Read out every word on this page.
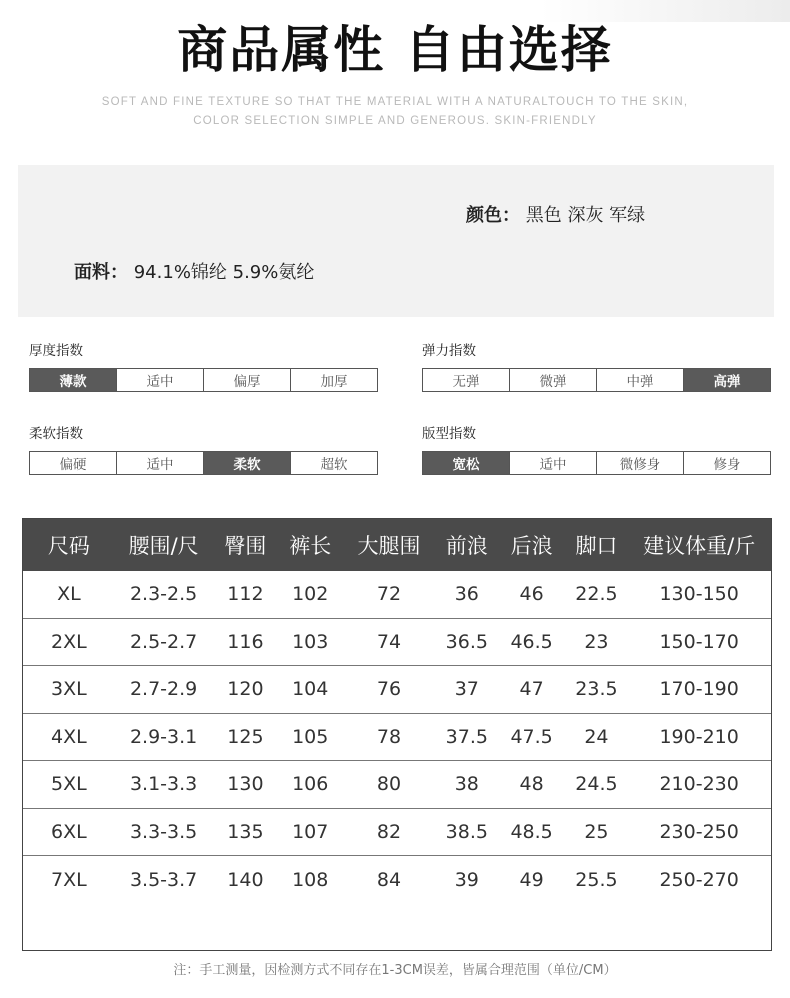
商品属性 自由选择
SOFT AND FINE TEXTURE SO THAT THE MATERIAL WITH A NATURALTOUCH TO THE SKIN,
COLOR SELECTION SIMPLE AND GENEROUS. SKIN-FRIENDLY
颜色： 黑色 深灰 军绿
面料： 94.1%锦纶 5.9%氨纶
厚度指数
薄款	适中	偏厚	加厚
弹力指数
无弹	微弹	中弹	高弹
柔软指数
偏硬	适中	柔软	超软
版型指数
宽松	适中	微修身	修身
尺码	腰围/尺	臀围	裤长	大腿围	前浪	后浪	脚口	建议体重/斤
XL	2.3-2.5	112	102	72	36	46	22.5	130-150
2XL	2.5-2.7	116	103	74	36.5	46.5	23	150-170
3XL	2.7-2.9	120	104	76	37	47	23.5	170-190
4XL	2.9-3.1	125	105	78	37.5	47.5	24	190-210
5XL	3.1-3.3	130	106	80	38	48	24.5	210-230
6XL	3.3-3.5	135	107	82	38.5	48.5	25	230-250
7XL	3.5-3.7	140	108	84	39	49	25.5	250-270
注：手工测量，因检测方式不同存在1-3CM误差，皆属合理范围（单位/CM）
